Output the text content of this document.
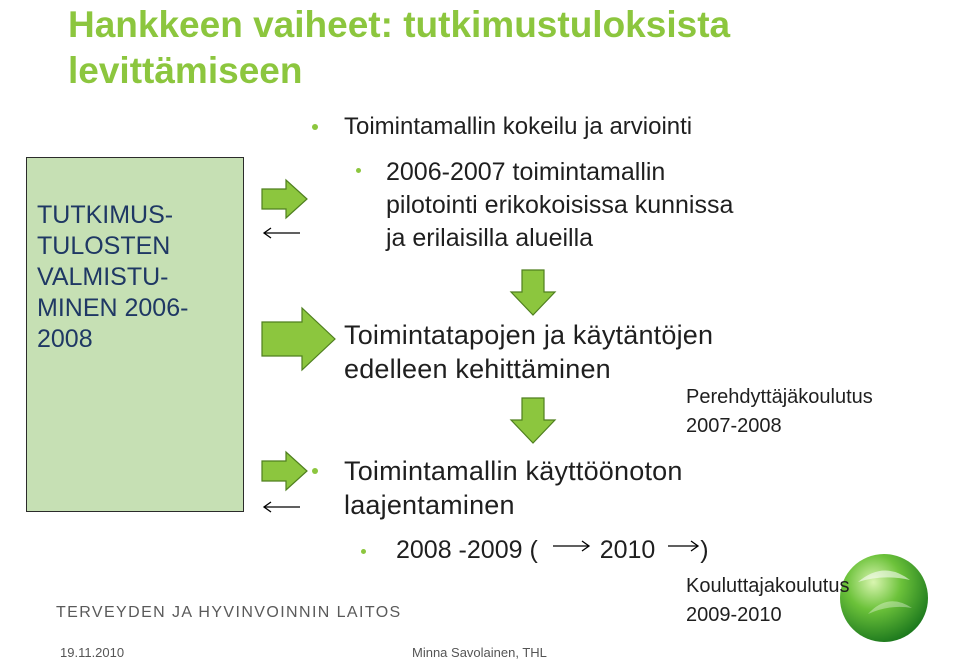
Hankkeen vaiheet: tutkimustuloksista
levittämiseen
TUTKIMUS-
TULOSTEN
VALMISTU-
MINEN 2006-
2008
Toimintamallin kokeilu ja arviointi
2006-2007 toimintamallin
pilotointi erikokoisissa kunnissa
ja erilaisilla alueilla
Toimintatapojen ja käytäntöjen
edelleen kehittäminen
Perehdyttäjäkoulutus
2007-2008
Toimintamallin käyttöönoton
laajentaminen
2008 -2009 ( 2010 )
Kouluttajakoulutus
2009-2010
TERVEYDEN JA HYVINVOINNIN LAITOS
19.11.2010	Minna Savolainen, THL
